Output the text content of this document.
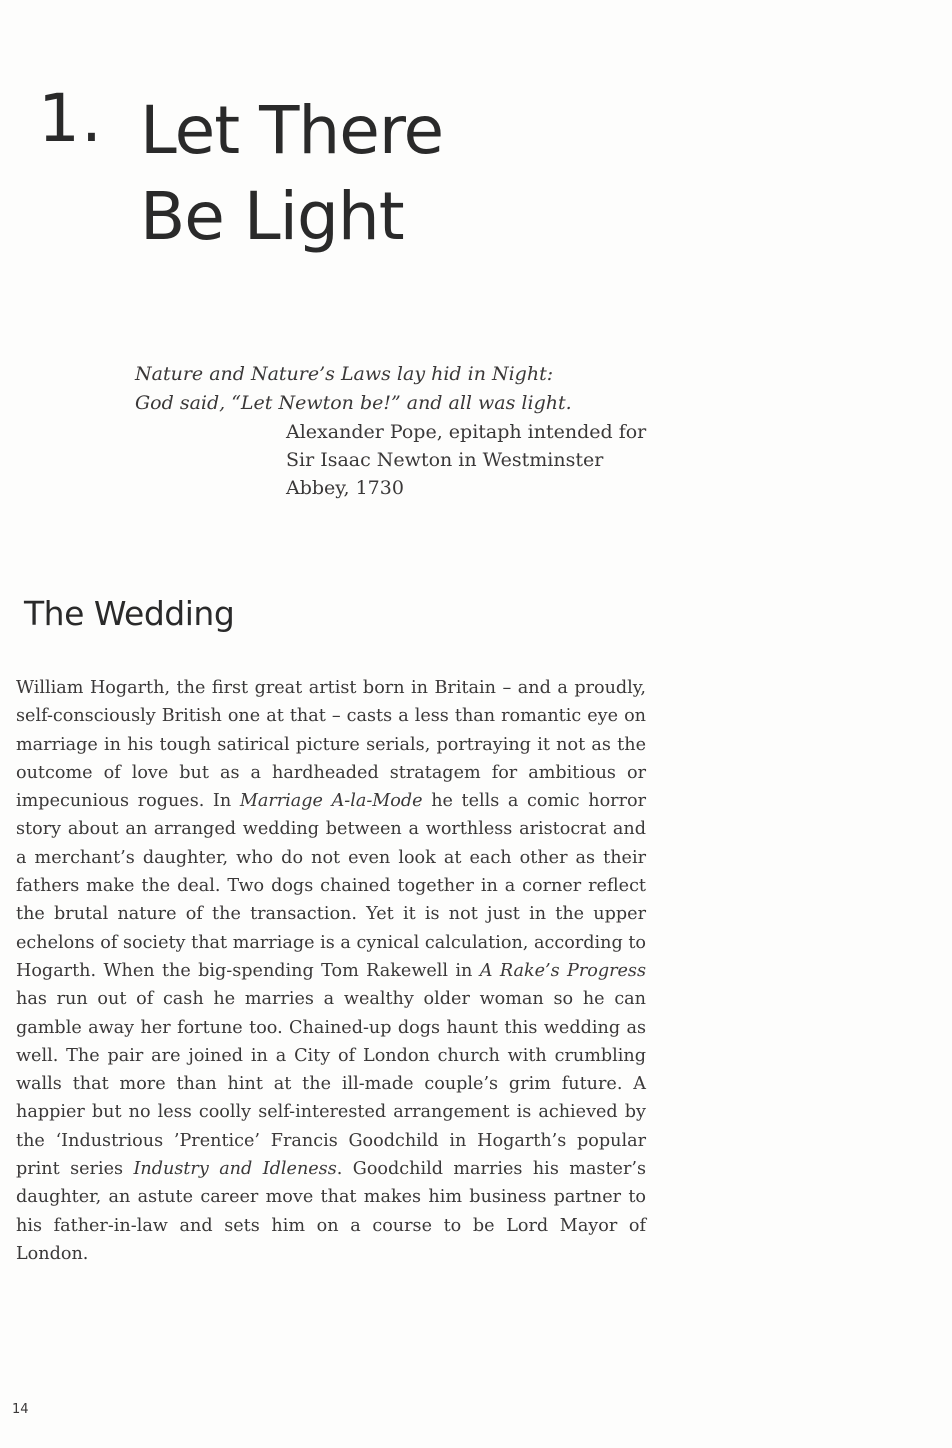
1. Let There
Be Light

Nature and Nature’s Laws lay hid in Night:
God said, “Let Newton be!” and all was light.

Alexander Pope, epitaph intended for
Sir Isaac Newton in Westminster
Abbey, 1730

The Wedding

William Hogarth, the first great artist born in Britain – and a proudly, self-consciously British one at that – casts a less than romantic eye on marriage in his tough satirical picture serials, portraying it not as the outcome of love but as a hardheaded stratagem for ambitious or impecunious rogues. In Marriage A-la-Mode he tells a comic horror story about an arranged wedding between a worthless aristocrat and a merchant’s daughter, who do not even look at each other as their fathers make the deal. Two dogs chained together in a corner reflect the brutal nature of the transaction. Yet it is not just in the upper echelons of society that marriage is a cynical calculation, according to Hogarth. When the big-spending Tom Rakewell in A Rake’s Progress has run out of cash he marries a wealthy older woman so he can gamble away her fortune too. Chained-up dogs haunt this wedding as well. The pair are joined in a City of London church with crumbling walls that more than hint at the ill-made couple’s grim future. A happier but no less coolly self-interested arrangement is achieved by the ‘Industrious ’Prentice’ Francis Goodchild in Hogarth’s popular print series Industry and Idleness. Goodchild marries his master’s daughter, an astute career move that makes him business partner to his father-in-law and sets him on a course to be Lord Mayor of London.

14
